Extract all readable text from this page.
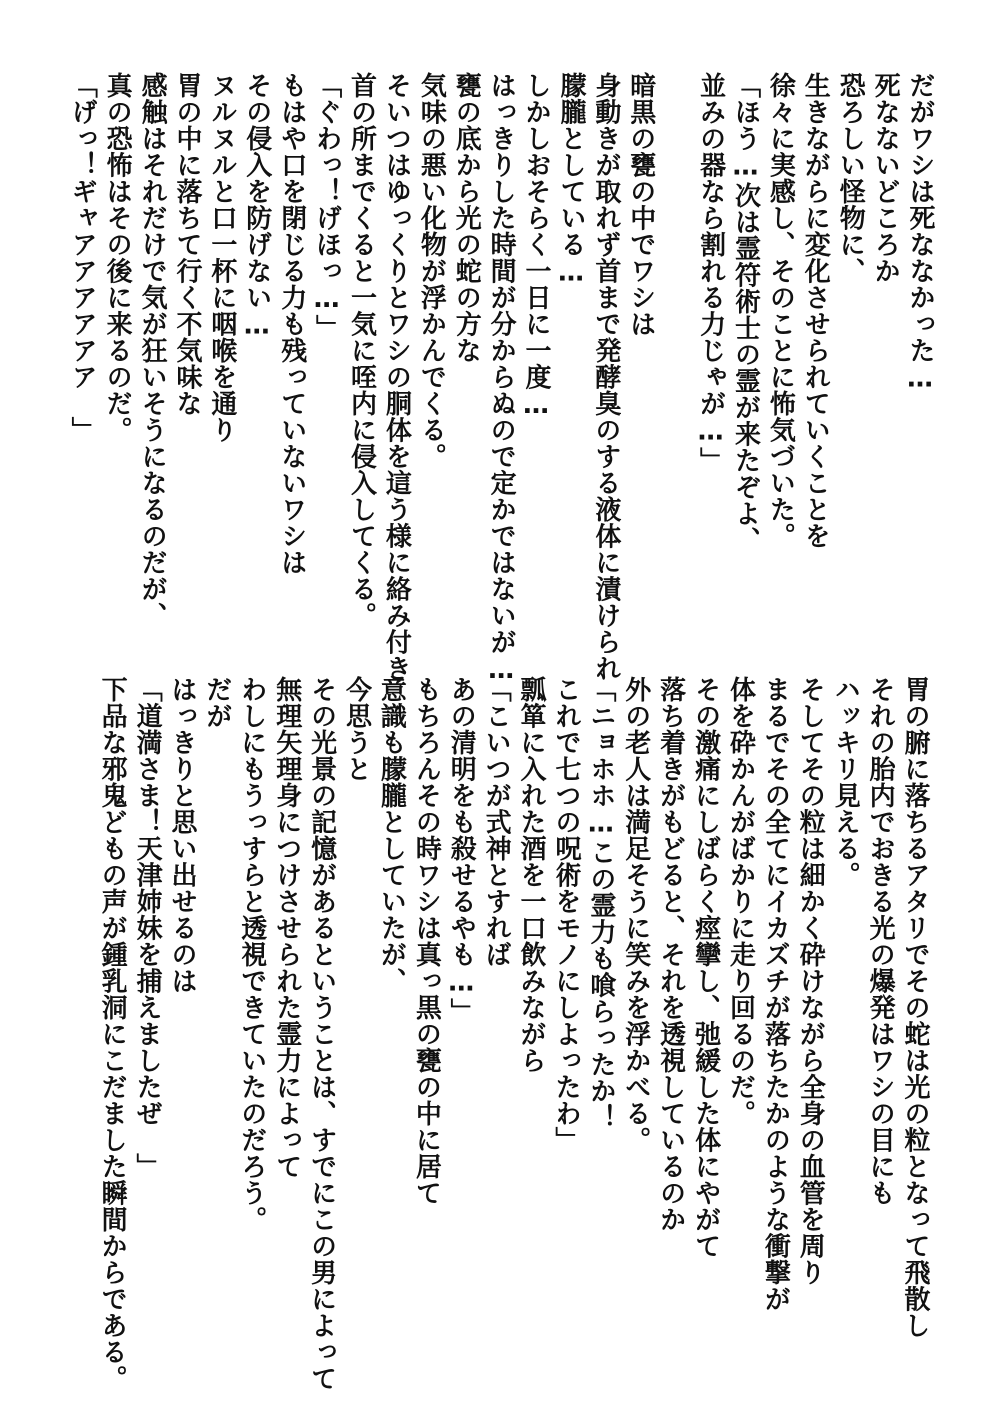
だがワシは死ななかった…
死なないどころか
恐ろしい怪物に、
生きながらに変化させられていくことを
徐々に実感し、そのことに怖気づいた。
「ほう…次は霊符術士の霊が来たぞよ、
並みの器なら割れる力じゃが…」
暗黒の甕の中でワシは
身動きが取れず首まで発酵臭のする液体に漬けられ
朦朧としている…
しかしおそらく一日に一度…
はっきりした時間が分からぬので定かではないが…
甕の底から光の蛇の方な
気味の悪い化物が浮かんでくる。
そいつはゆっくりとワシの胴体を這う様に絡み付き
首の所までくると一気に咥内に侵入してくる。
「ぐわっ！げほっ…」
もはや口を閉じる力も残っていないワシは
その侵入を防げない…
ヌルヌルと口一杯に咽喉を通り
胃の中に落ちて行く不気味な
感触はそれだけで気が狂いそうになるのだが、
真の恐怖はその後に来るのだ。
「げっ！ギャアアアアアア　」
胃の腑に落ちるアタリでその蛇は光の粒となって飛散し
それの胎内でおきる光の爆発はワシの目にも
ハッキリ見える。
そしてその粒は細かく砕けながら全身の血管を周り
まるでその全てにイカズチが落ちたかのような衝撃が
体を砕かんがばかりに走り回るのだ。
その激痛にしばらく痙攣し、弛緩した体にやがて
落ち着きがもどると、それを透視しているのか
外の老人は満足そうに笑みを浮かべる。
「ニョホホ…この霊力も喰らったか！
これで七つの呪術をモノにしよったわ」
瓢箪に入れた酒を一口飲みながら
「こいつが式神とすれば
あの清明をも殺せるやも…」
もちろんその時ワシは真っ黒の甕の中に居て
意識も朦朧としていたが、
今思うと
その光景の記憶があるということは、すでにこの男によって
無理矢理身につけさせられた霊力によって
わしにもうっすらと透視できていたのだろう。
だが
はっきりと思い出せるのは
「道満さま！天津姉妹を捕えましたぜ　」
下品な邪鬼どもの声が鍾乳洞にこだました瞬間からである。
